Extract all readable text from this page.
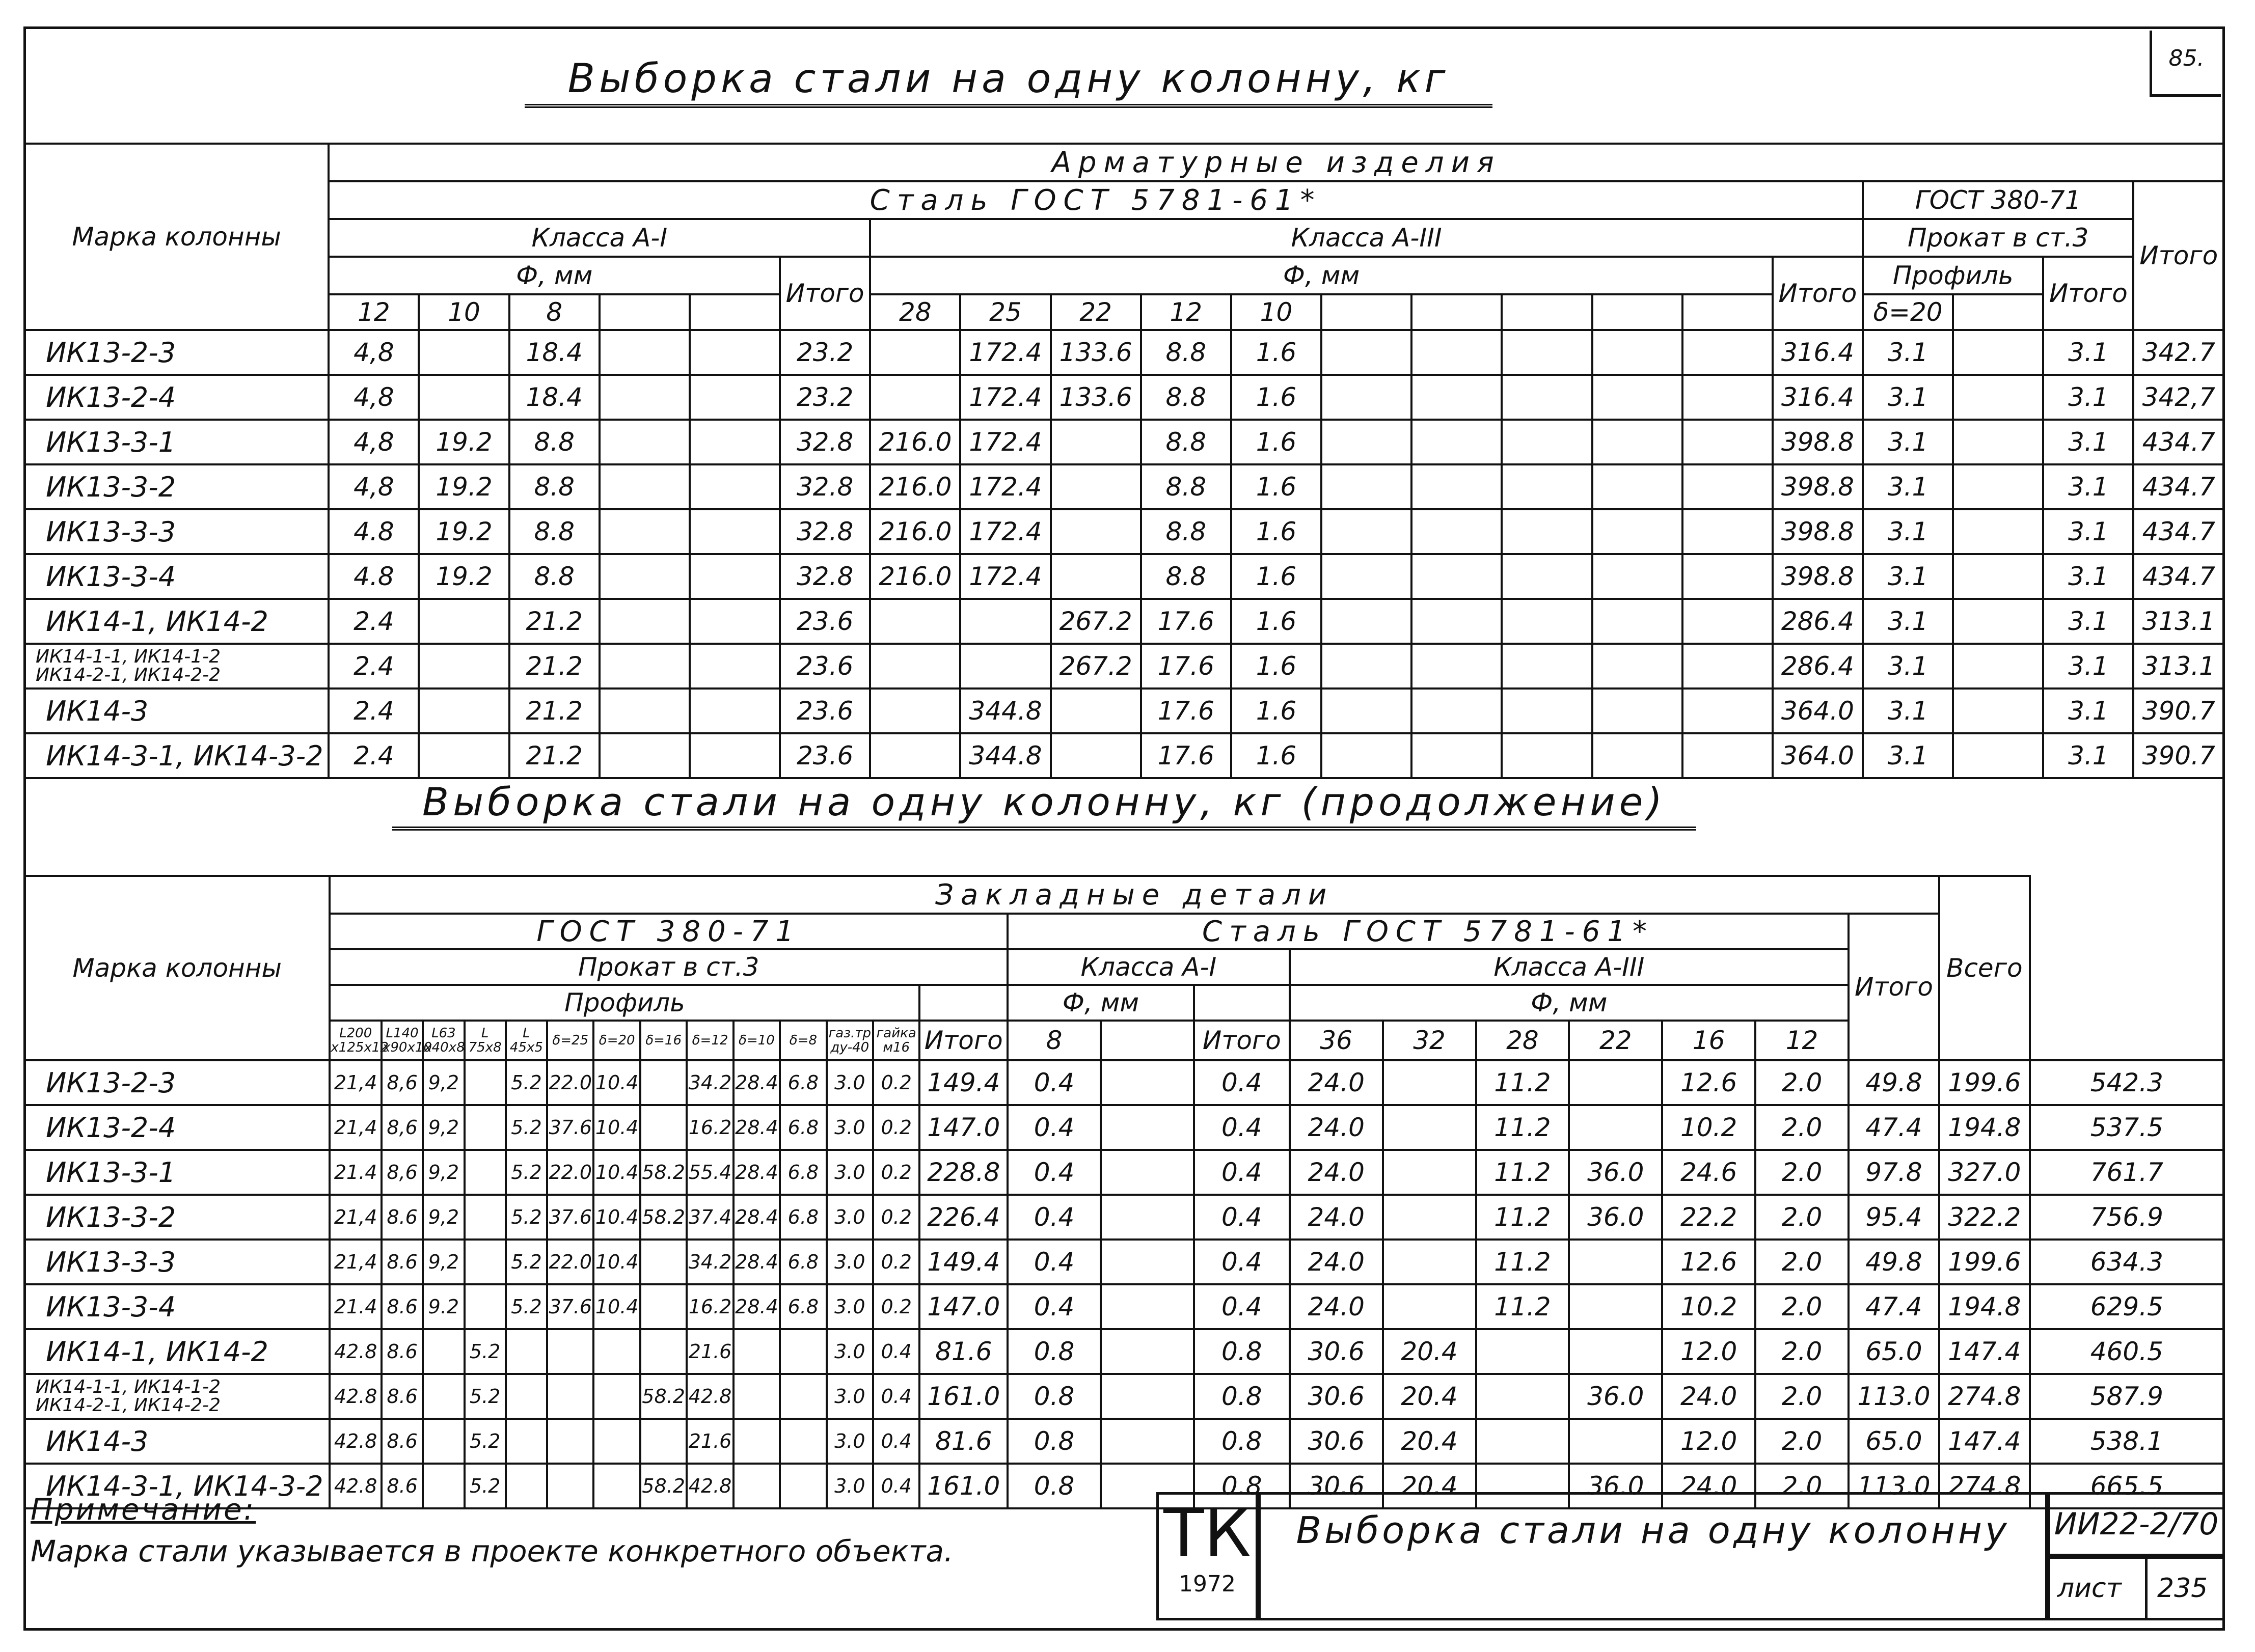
85.
Выборка стали на одну колонну, кг
Марка колонны	Арматурные изделия																				
	Сталь ГОСТ 5781-61*																	ГОСТ 380-71			Итого
	Класса А-I						Класса А-III											Прокат в ст.3			
	Ф, мм					Итого	Ф, мм										Итого	Профиль		Итого	
	12	10	8				28	25	22	12	10							δ=20			
ИК13-2-3	4,8		18.4			23.2		172.4	133.6	8.8	1.6						316.4	3.1		3.1	342.7
ИК13-2-4	4,8		18.4			23.2		172.4	133.6	8.8	1.6						316.4	3.1		3.1	342,7
ИК13-3-1	4,8	19.2	8.8			32.8	216.0	172.4		8.8	1.6						398.8	3.1		3.1	434.7
ИК13-3-2	4,8	19.2	8.8			32.8	216.0	172.4		8.8	1.6						398.8	3.1		3.1	434.7
ИК13-3-3	4.8	19.2	8.8			32.8	216.0	172.4		8.8	1.6						398.8	3.1		3.1	434.7
ИК13-3-4	4.8	19.2	8.8			32.8	216.0	172.4		8.8	1.6						398.8	3.1		3.1	434.7
ИК14-1, ИК14-2	2.4		21.2			23.6			267.2	17.6	1.6						286.4	3.1		3.1	313.1
ИК14-1-1, ИК14-1-2
ИК14-2-1, ИК14-2-2	2.4		21.2			23.6			267.2	17.6	1.6						286.4	3.1		3.1	313.1
ИК14-3	2.4		21.2			23.6		344.8		17.6	1.6						364.0	3.1		3.1	390.7
ИК14-3-1, ИК14-3-2	2.4		21.2			23.6		344.8		17.6	1.6						364.0	3.1		3.1	390.7
Выборка стали на одну колонну, кг (продолжение)
Марка колонны	Закладные детали																								Всего	
	ГОСТ 380-71														Сталь ГОСТ 5781-61*									Итого		
	Прокат в ст.3														Класса А-I			Класса А-III								
	Профиль														Ф, мм			Ф, мм								
	L200 x125x12	L140 x90x10	L63 x40x8	L 75x8	L 45x5	δ=25	δ=20	δ=16	δ=12	δ=10	δ=8	газ.тр ду-40	гайка м16	Итого	8		Итого	36	32	28	22	16	12			
ИК13-2-3	21,4	8,6	9,2		5.2	22.0	10.4		34.2	28.4	6.8	3.0	0.2	149.4	0.4		0.4	24.0		11.2		12.6	2.0	49.8	199.6	542.3
ИК13-2-4	21,4	8,6	9,2		5.2	37.6	10.4		16.2	28.4	6.8	3.0	0.2	147.0	0.4		0.4	24.0		11.2		10.2	2.0	47.4	194.8	537.5
ИК13-3-1	21.4	8,6	9,2		5.2	22.0	10.4	58.2	55.4	28.4	6.8	3.0	0.2	228.8	0.4		0.4	24.0		11.2	36.0	24.6	2.0	97.8	327.0	761.7
ИК13-3-2	21,4	8.6	9,2		5.2	37.6	10.4	58.2	37.4	28.4	6.8	3.0	0.2	226.4	0.4		0.4	24.0		11.2	36.0	22.2	2.0	95.4	322.2	756.9
ИК13-3-3	21,4	8.6	9,2		5.2	22.0	10.4		34.2	28.4	6.8	3.0	0.2	149.4	0.4		0.4	24.0		11.2		12.6	2.0	49.8	199.6	634.3
ИК13-3-4	21.4	8.6	9.2		5.2	37.6	10.4		16.2	28.4	6.8	3.0	0.2	147.0	0.4		0.4	24.0		11.2		10.2	2.0	47.4	194.8	629.5
ИК14-1, ИК14-2	42.8	8.6		5.2					21.6			3.0	0.4	81.6	0.8		0.8	30.6	20.4			12.0	2.0	65.0	147.4	460.5
ИК14-1-1, ИК14-1-2
ИК14-2-1, ИК14-2-2	42.8	8.6		5.2				58.2	42.8			3.0	0.4	161.0	0.8		0.8	30.6	20.4		36.0	24.0	2.0	113.0	274.8	587.9
ИК14-3	42.8	8.6		5.2					21.6			3.0	0.4	81.6	0.8		0.8	30.6	20.4			12.0	2.0	65.0	147.4	538.1
ИК14-3-1, ИК14-3-2	42.8	8.6		5.2				58.2	42.8			3.0	0.4	161.0	0.8		0.8	30.6	20.4		36.0	24.0	2.0	113.0	274.8	665.5
Примечание:
Марка стали указывается в проекте конкретного объекта.	ТК
1972
Выборка стали на одну колонну	ИИ22-2/70
лист 235
